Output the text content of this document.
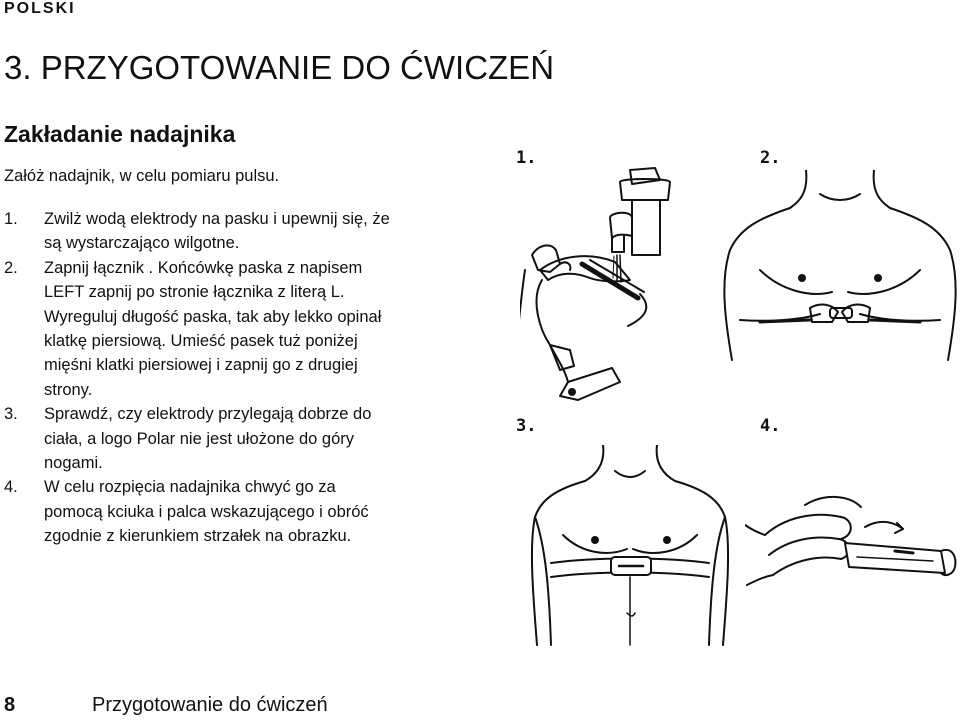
POLSKI
3. PRZYGOTOWANIE DO ĆWICZEŃ
Zakładanie nadajnika

Załóż nadajnik, w celu pomiaru pulsu.

1. Zwilż wodą elektrody na pasku i upewnij się, że
są wystarczająco wilgotne.
2. Zapnij łącznik . Końcówkę paska z napisem
LEFT zapnij po stronie łącznika z literą L.
Wyreguluj długość paska, tak aby lekko opinał
klatkę piersiową. Umieść pasek tuż poniżej
mięśni klatki piersiowej i zapnij go z drugiej
strony.
3. Sprawdź, czy elektrody przylegają dobrze do
ciała, a logo Polar nie jest ułożone do góry
nogami.
4. W celu rozpięcia nadajnika chwyć go za
pomocą kciuka i palca wskazującego i obróć
zgodnie z kierunkiem strzałek na obrazku.
1.	2.
3.	4.
8	Przygotowanie do ćwiczeń
